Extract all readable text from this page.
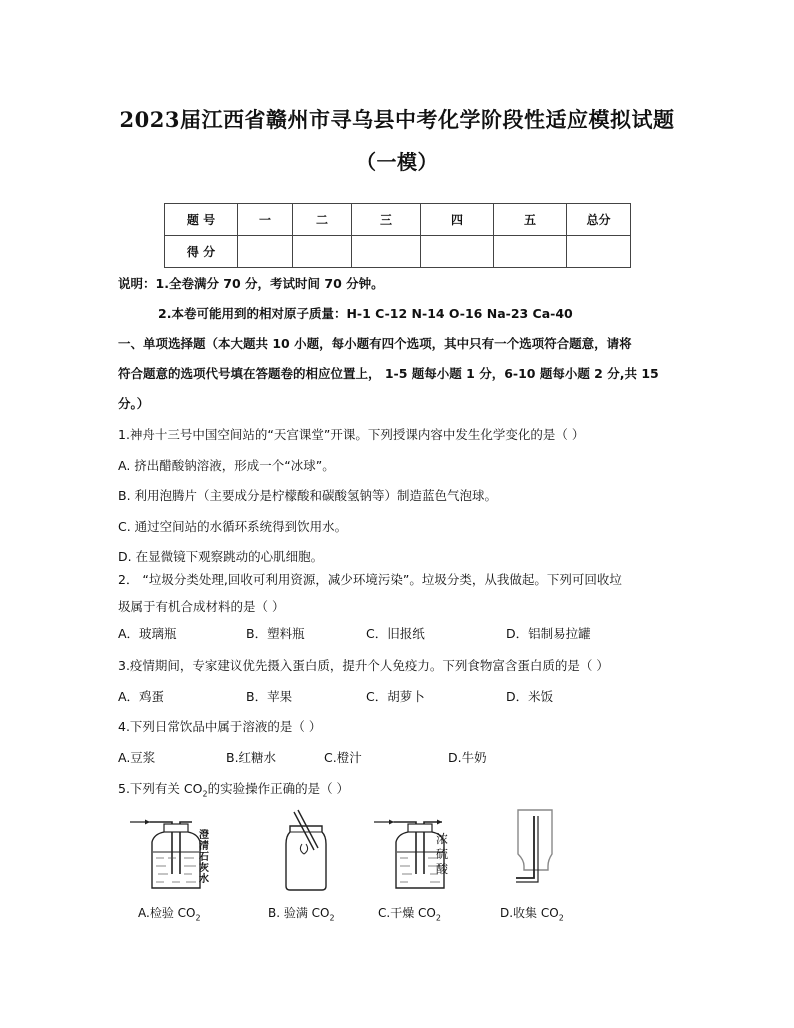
2023届江西省赣州市寻乌县中考化学阶段性适应模拟试题
（一模）
题 号	一	二	三	四	五	总分
得 分						
说明：1.全卷满分 70 分，考试时间 70 分钟。
2.本卷可能用到的相对原子质量：H-1 C-12 N-14 O-16 Na-23 Ca-40
一、单项选择题（本大题共 10 小题，每小题有四个选项，其中只有一个选项符合题意，请将
符合题意的选项代号填在答题卷的相应位置上， 1-5 题每小题 1 分，6-10 题每小题 2 分,共 15
分。）
1.神舟十三号中国空间站的“天宫课堂”开课。下列授课内容中发生化学变化的是（ ）
A. 挤出醋酸钠溶液，形成一个“冰球”。
B. 利用泡腾片（主要成分是柠檬酸和碳酸氢钠等）制造蓝色气泡球。
C. 通过空间站的水循环系统得到饮用水。
D. 在显微镜下观察跳动的心肌细胞。
2． “垃圾分类处理,回收可利用资源，减少环境污染”。垃圾分类，从我做起。下列可回收垃
圾属于有机合成材料的是（ ）
A．玻璃瓶	B．塑料瓶	C．旧报纸	D．铝制易拉罐
3.疫情期间，专家建议优先摄入蛋白质，提升个人免疫力。下列食物富含蛋白质的是（ ）
A．鸡蛋	B．苹果	C．胡萝卜	D．米饭
4.下列日常饮品中属于溶液的是（ ）
A.豆浆	B.红糖水	C.橙汁	D.牛奶
5.下列有关 $CO_2$的实验操作正确的是（ ）
澄清石灰水
浓硫酸
A.检验 $CO_2$	B. 验满 $CO_2$	C.干燥 $CO_2$	D.收集 $CO_2$
